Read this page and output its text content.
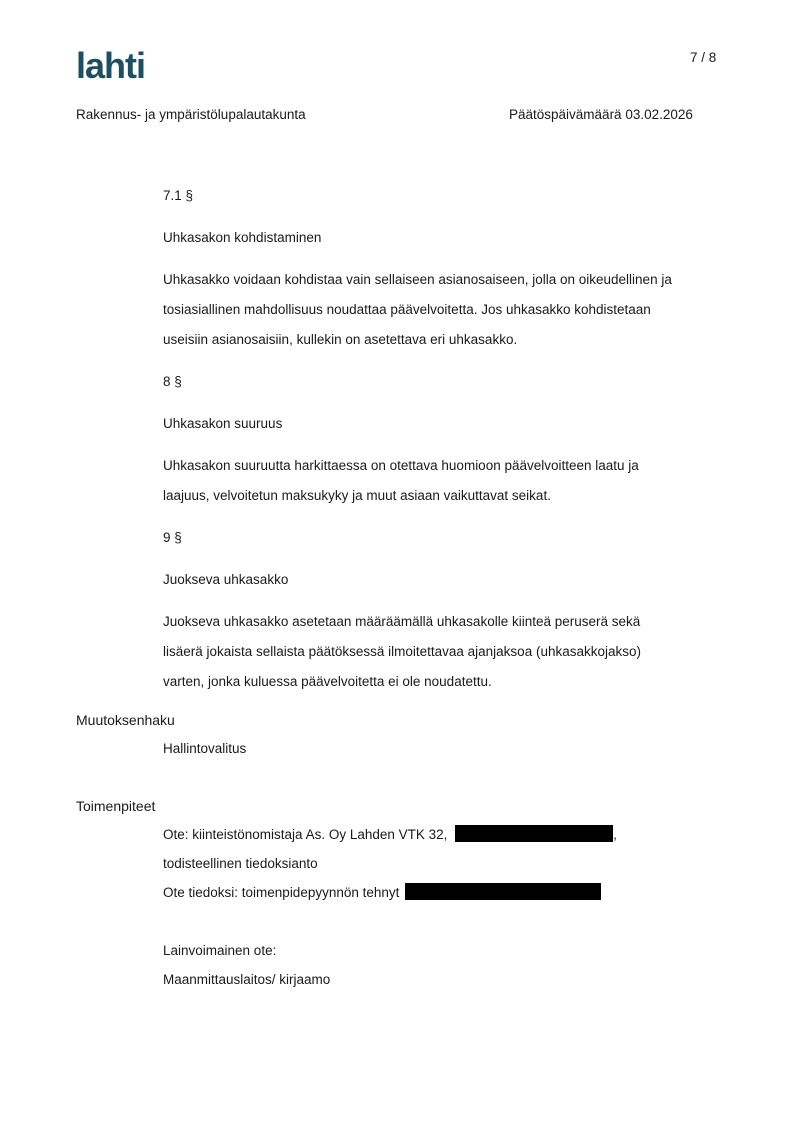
lahti	7 / 8
Rakennus- ja ympäristölupalautakunta	Päätöspäivämäärä 03.02.2026

7.1 §

Uhkasakon kohdistaminen

Uhkasakko voidaan kohdistaa vain sellaiseen asianosaiseen, jolla on oikeudellinen ja

tosiasiallinen mahdollisuus noudattaa päävelvoitetta. Jos uhkasakko kohdistetaan

useisiin asianosaisiin, kullekin on asetettava eri uhkasakko.

8 §

Uhkasakon suuruus

Uhkasakon suuruutta harkittaessa on otettava huomioon päävelvoitteen laatu ja

laajuus, velvoitetun maksukyky ja muut asiaan vaikuttavat seikat.

9 §

Juokseva uhkasakko

Juokseva uhkasakko asetetaan määräämällä uhkasakolle kiinteä peruserä sekä

lisäerä jokaista sellaista päätöksessä ilmoitettavaa ajanjaksoa (uhkasakkojakso)

varten, jonka kuluessa päävelvoitetta ei ole noudatettu.

Muutoksenhaku

Hallintovalitus

Toimenpiteet

Ote: kiinteistönomistaja As. Oy Lahden VTK 32,	,

todisteellinen tiedoksianto

Ote tiedoksi: toimenpidepyynnön tehnyt

Lainvoimainen ote:

Maanmittauslaitos/ kirjaamo
